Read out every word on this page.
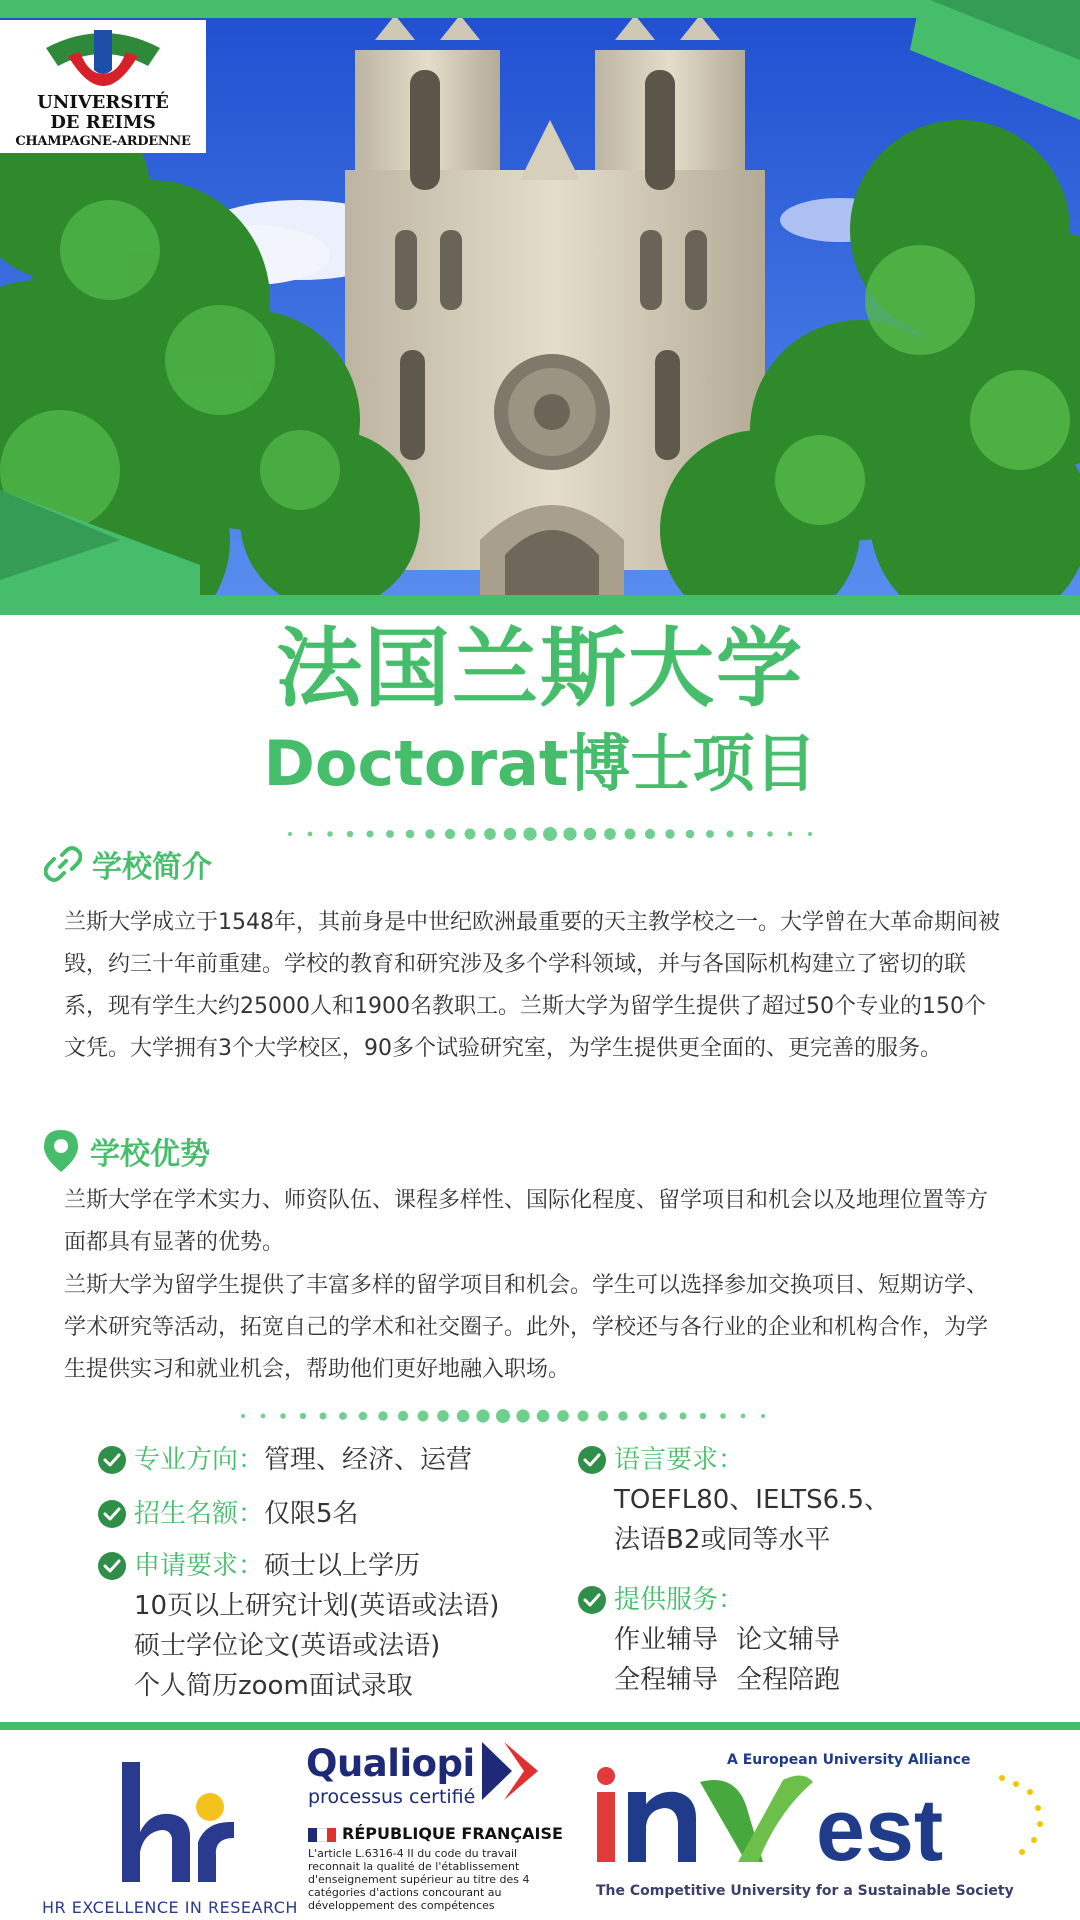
UNIVERSITÉ
DE REIMS
CHAMPAGNE-ARDENNE
法国兰斯大学
Doctorat博士项目
学校简介
兰斯大学成立于1548年，其前身是中世纪欧洲最重要的天主教学校之一。大学曾在大革命期间被毁，约三十年前重建。学校的教育和研究涉及多个学科领域，并与各国际机构建立了密切的联系，现有学生大约25000人和1900名教职工。兰斯大学为留学生提供了超过50个专业的150个文凭。大学拥有3个大学校区，90多个试验研究室，为学生提供更全面的、更完善的服务。
学校优势
兰斯大学在学术实力、师资队伍、课程多样性、国际化程度、留学项目和机会以及地理位置等方面都具有显著的优势。
兰斯大学为留学生提供了丰富多样的留学项目和机会。学生可以选择参加交换项目、短期访学、学术研究等活动，拓宽自己的学术和社交圈子。此外，学校还与各行业的企业和机构合作，为学生提供实习和就业机会，帮助他们更好地融入职场。
专业方向： 管理、经济、运营
招生名额： 仅限5名
申请要求： 硕士以上学历
10页以上研究计划(英语或法语)
硕士学位论文(英语或法语)
个人简历zoom面试录取
语言要求：
TOEFL80、IELTS6.5、
法语B2或同等水平
提供服务：
作业辅导 论文辅导
全程辅导 全程陪跑
HR EXCELLENCE IN RESEARCH
Qualiopi
processus certifié
RÉPUBLIQUE FRANÇAISE
L'article L.6316-4 II du code du travail reconnait la qualité de l'établissement d'enseignement supérieur au titre des 4 catégories d'actions concourant au développement des compétences
est
A European University Alliance
The Competitive University for a Sustainable Society
